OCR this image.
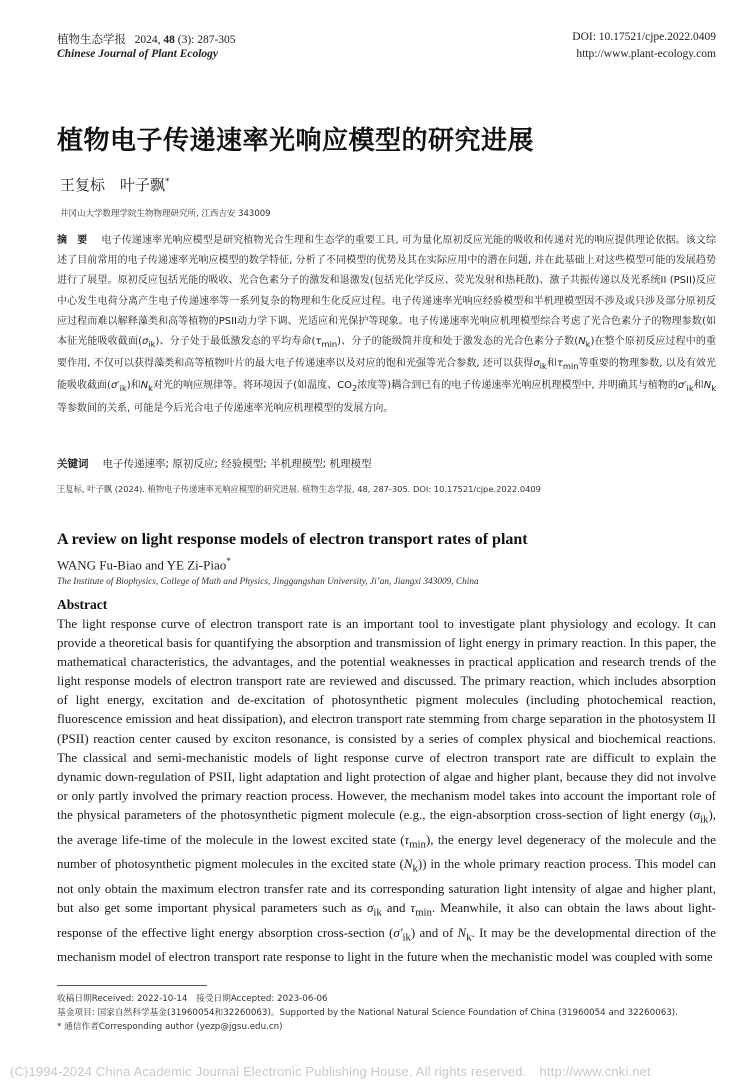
植物生态学报 2024, 48 (3): 287-305
Chinese Journal of Plant Ecology
DOI: 10.17521/cjpe.2022.0409
http://www.plant-ecology.com
植物电子传递速率光响应模型的研究进展
王复标　叶子飘*
井冈山大学数理学院生物物理研究所, 江西吉安 343009
摘　要 电子传递速率光响应模型是研究植物光合生理和生态学的重要工具, 可为量化原初反应光能的吸收和传递对光的响应提供理论依据。该文综述了目前常用的电子传递速率光响应模型的数学特征, 分析了不同模型的优势及其在实际应用中的潜在问题, 并在此基础上对这些模型可能的发展趋势进行了展望。原初反应包括光能的吸收、光合色素分子的激发和退激发(包括光化学反应、荧光发射和热耗散)、激子共振传递以及光系统II (PSII)反应中心发生电荷分离产生电子传递速率等一系列复杂的物理和生化反应过程。电子传递速率光响应经验模型和半机理模型因不涉及或只涉及部分原初反应过程而难以解释藻类和高等植物的PSII动力学下调、光适应和光保护等现象。电子传递速率光响应机理模型综合考虑了光合色素分子的物理参数(如本征光能吸收截面$(\sigma_{ik})$、分子处于最低激发态的平均寿命$(\tau_{min})$、分子的能级简并度和处于激发态的光合色素分子数$(N_k)$在整个原初反应过程中的重要作用, 不仅可以获得藻类和高等植物叶片的最大电子传递速率以及对应的饱和光强等光合参数, 还可以获得$\sigma_{ik}$和$\tau_{min}$等重要的物理参数, 以及有效光能吸收截面$(\sigma'_{ik})$和$N_k$对光的响应规律等。将环境因子(如温度、$CO_2$浓度等)耦合到已有的电子传递速率光响应机理模型中, 并明确其与植物的$\sigma'_{ik}$和$N_k$等参数间的关系, 可能是今后光合电子传递速率光响应机理模型的发展方向。
关键词 电子传递速率; 原初反应; 经验模型; 半机理模型; 机理模型
王复标, 叶子飘 (2024). 植物电子传递速率光响应模型的研究进展. 植物生态学报, 48, 287-305. DOI: 10.17521/cjpe.2022.0409
A review on light response models of electron transport rates of plant
WANG Fu-Biao and YE Zi-Piao*
The Institute of Biophysics, College of Math and Physics, Jinggangshan University, Ji’an, Jiangxi 343009, China
Abstract
The light response curve of electron transport rate is an important tool to investigate plant physiology and ecology. It can provide a theoretical basis for quantifying the absorption and transmission of light energy in primary reaction. In this paper, the mathematical characteristics, the advantages, and the potential weaknesses in practical application and research trends of the light response models of electron transport rate are reviewed and discussed. The primary reaction, which includes absorption of light energy, excitation and de-excitation of photosynthetic pigment molecules (including photochemical reaction, fluorescence emission and heat dissipation), and electron transport rate stemming from charge separation in the photosystem II (PSII) reaction center caused by exciton resonance, is consisted by a series of complex physical and biochemical reactions. The classical and semi-mechanistic models of light response curve of electron transport rate are difficult to explain the dynamic down-regulation of PSII, light adaptation and light protection of algae and higher plant, because they did not involve or only partly involved the primary reaction process. However, the mechanism model takes into account the important role of the physical parameters of the photosynthetic pigment molecule (e.g., the eign-absorption cross-section of light energy $(\sigma_{ik})$, the average life-time of the molecule in the lowest excited state $(\tau_{min})$, the energy level degeneracy of the molecule and the number of photosynthetic pigment molecules in the excited state $(N_k)$) in the whole primary reaction process. This model can not only obtain the maximum electron transfer rate and its corresponding saturation light intensity of algae and higher plant, but also get some important physical parameters such as $\sigma_{ik}$ and $\tau_{min}$. Meanwhile, it also can obtain the laws about light-response of the effective light energy absorption cross-section $(\sigma'_{ik})$ and of $N_k$. It may be the developmental direction of the mechanism model of electron transport rate response to light in the future when the mechanistic model was coupled with some
收稿日期Received: 2022-10-14　接受日期Accepted: 2023-06-06
基金项目: 国家自然科学基金(31960054和32260063)。Supported by the National Natural Science Foundation of China (31960054 and 32260063).
* 通信作者Corresponding author (yezp@jgsu.edu.cn)
(C)1994-2024 China Academic Journal Electronic Publishing House. All rights reserved.　http://www.cnki.net
